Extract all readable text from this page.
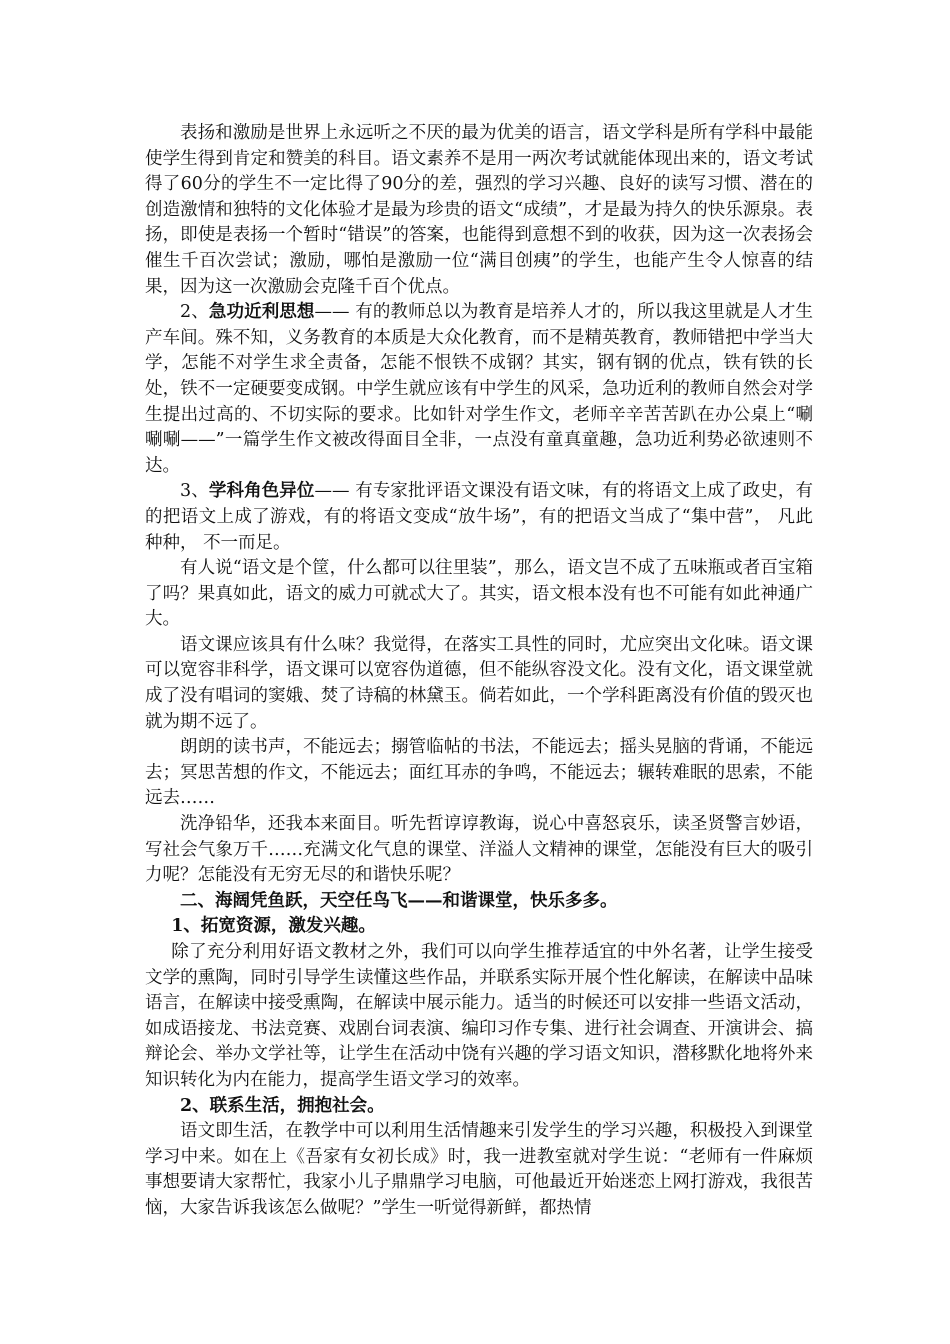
表扬和激励是世界上永远听之不厌的最为优美的语言，语文学科是所有学科中最能使学生得到肯定和赞美的科目。语文素养不是用一两次考试就能体现出来的，语文考试得了60分的学生不一定比得了90分的差，强烈的学习兴趣、良好的读写习惯、潜在的创造激情和独特的文化体验才是最为珍贵的语文“成绩”，才是最为持久的快乐源泉。表扬，即使是表扬一个暂时“错误”的答案，也能得到意想不到的收获，因为这一次表扬会催生千百次尝试；激励，哪怕是激励一位“满目创痍”的学生，也能产生令人惊喜的结果，因为这一次激励会克隆千百个优点。

2、急功近利思想—— 有的教师总以为教育是培养人才的，所以我这里就是人才生产车间。殊不知，义务教育的本质是大众化教育，而不是精英教育，教师错把中学当大学，怎能不对学生求全责备，怎能不恨铁不成钢？其实，钢有钢的优点，铁有铁的长处，铁不一定硬要变成钢。中学生就应该有中学生的风采，急功近利的教师自然会对学生提出过高的、不切实际的要求。比如针对学生作文，老师辛辛苦苦趴在办公桌上“唰唰唰——”一篇学生作文被改得面目全非，一点没有童真童趣，急功近利势必欲速则不达。

3、学科角色异位—— 有专家批评语文课没有语文味，有的将语文上成了政史，有的把语文上成了游戏，有的将语文变成“放牛场”，有的把语文当成了“集中营”， 凡此种种， 不一而足。

有人说“语文是个筐，什么都可以往里装”，那么，语文岂不成了五味瓶或者百宝箱了吗？果真如此，语文的威力可就忒大了。其实，语文根本没有也不可能有如此神通广大。

语文课应该具有什么味？我觉得，在落实工具性的同时，尤应突出文化味。语文课可以宽容非科学，语文课可以宽容伪道德，但不能纵容没文化。没有文化，语文课堂就成了没有唱词的窦娥、焚了诗稿的林黛玉。倘若如此，一个学科距离没有价值的毁灭也就为期不远了。

朗朗的读书声，不能远去；搦管临帖的书法，不能远去；摇头晃脑的背诵，不能远去；冥思苦想的作文，不能远去；面红耳赤的争鸣，不能远去；辗转难眠的思索，不能远去……

洗净铅华，还我本来面目。听先哲谆谆教诲，说心中喜怒哀乐，读圣贤警言妙语，写社会气象万千……充满文化气息的课堂、洋溢人文精神的课堂，怎能没有巨大的吸引力呢？怎能没有无穷无尽的和谐快乐呢？

二、海阔凭鱼跃，天空任鸟飞——和谐课堂，快乐多多。

1、拓宽资源，激发兴趣。

除了充分利用好语文教材之外，我们可以向学生推荐适宜的中外名著，让学生接受文学的熏陶，同时引导学生读懂这些作品，并联系实际开展个性化解读，在解读中品味语言，在解读中接受熏陶，在解读中展示能力。适当的时候还可以安排一些语文活动，如成语接龙、书法竞赛、戏剧台词表演、编印习作专集、进行社会调查、开演讲会、搞辩论会、举办文学社等，让学生在活动中饶有兴趣的学习语文知识，潜移默化地将外来知识转化为内在能力，提高学生语文学习的效率。

2、联系生活，拥抱社会。

语文即生活，在教学中可以利用生活情趣来引发学生的学习兴趣，积极投入到课堂学习中来。如在上《吾家有女初长成》时，我一进教室就对学生说：“老师有一件麻烦事想要请大家帮忙，我家小儿子鼎鼎学习电脑，可他最近开始迷恋上网打游戏，我很苦恼，大家告诉我该怎么做呢？”学生一听觉得新鲜，都热情
